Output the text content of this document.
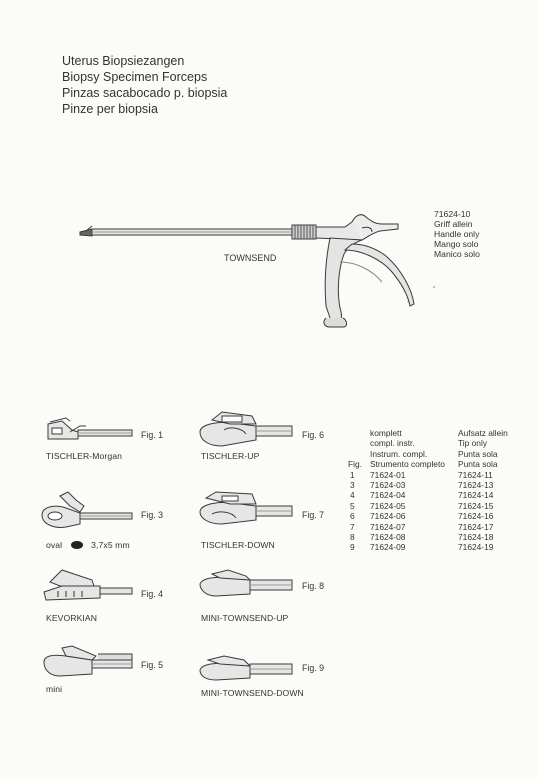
Uterus Biopsiezangen
Biopsy Specimen Forceps
Pinzas sacabocado p. biopsia
Pinze per biopsia
TOWNSEND
71624-10
Griff allein
Handle only
Mango solo
Manico solo
Fig. 1
TISCHLER-Morgan
Fig. 3
oval	3,7x5 mm
Fig. 4
KEVORKIAN
Fig. 5
mini
Fig. 6
TISCHLER-UP
Fig. 7
TISCHLER-DOWN
Fig. 8
MINI-TOWNSEND-UP
Fig. 9
MINI-TOWNSEND-DOWN
komplett
compl. instr.
Instrum. compl.
Strumento completo
Aufsatz allein
Tip only
Punta sola
Punta sola
Fig.
1 71624-01	71624-11
3 71624-03	71624-13
4 71624-04	71624-14
5 71624-05	71624-15
6 71624-06	71624-16
7 71624-07	71624-17
8 71624-08	71624-18
9 71624-09	71624-19
